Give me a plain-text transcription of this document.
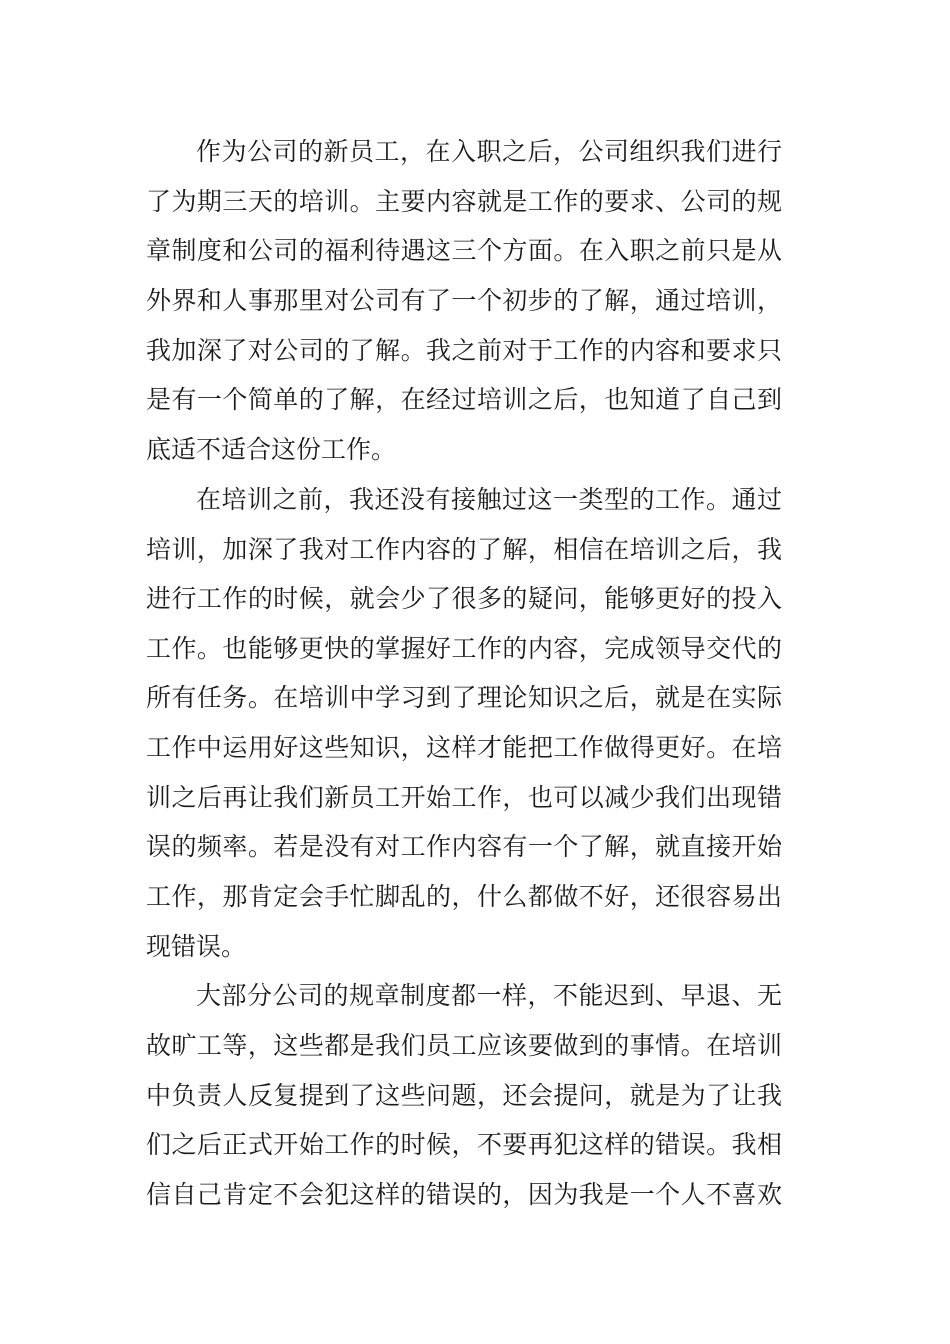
作为公司的新员工，在入职之后，公司组织我们进行
了为期三天的培训。主要内容就是工作的要求、公司的规
章制度和公司的福利待遇这三个方面。在入职之前只是从
外界和人事那里对公司有了一个初步的了解，通过培训，
我加深了对公司的了解。我之前对于工作的内容和要求只
是有一个简单的了解，在经过培训之后，也知道了自己到
底适不适合这份工作。
在培训之前，我还没有接触过这一类型的工作。通过
培训，加深了我对工作内容的了解，相信在培训之后，我
进行工作的时候，就会少了很多的疑问，能够更好的投入
工作。也能够更快的掌握好工作的内容，完成领导交代的
所有任务。在培训中学习到了理论知识之后，就是在实际
工作中运用好这些知识，这样才能把工作做得更好。在培
训之后再让我们新员工开始工作，也可以减少我们出现错
误的频率。若是没有对工作内容有一个了解，就直接开始
工作，那肯定会手忙脚乱的，什么都做不好，还很容易出
现错误。
大部分公司的规章制度都一样，不能迟到、早退、无
故旷工等，这些都是我们员工应该要做到的事情。在培训
中负责人反复提到了这些问题，还会提问，就是为了让我
们之后正式开始工作的时候，不要再犯这样的错误。我相
信自己肯定不会犯这样的错误的，因为我是一个人不喜欢
